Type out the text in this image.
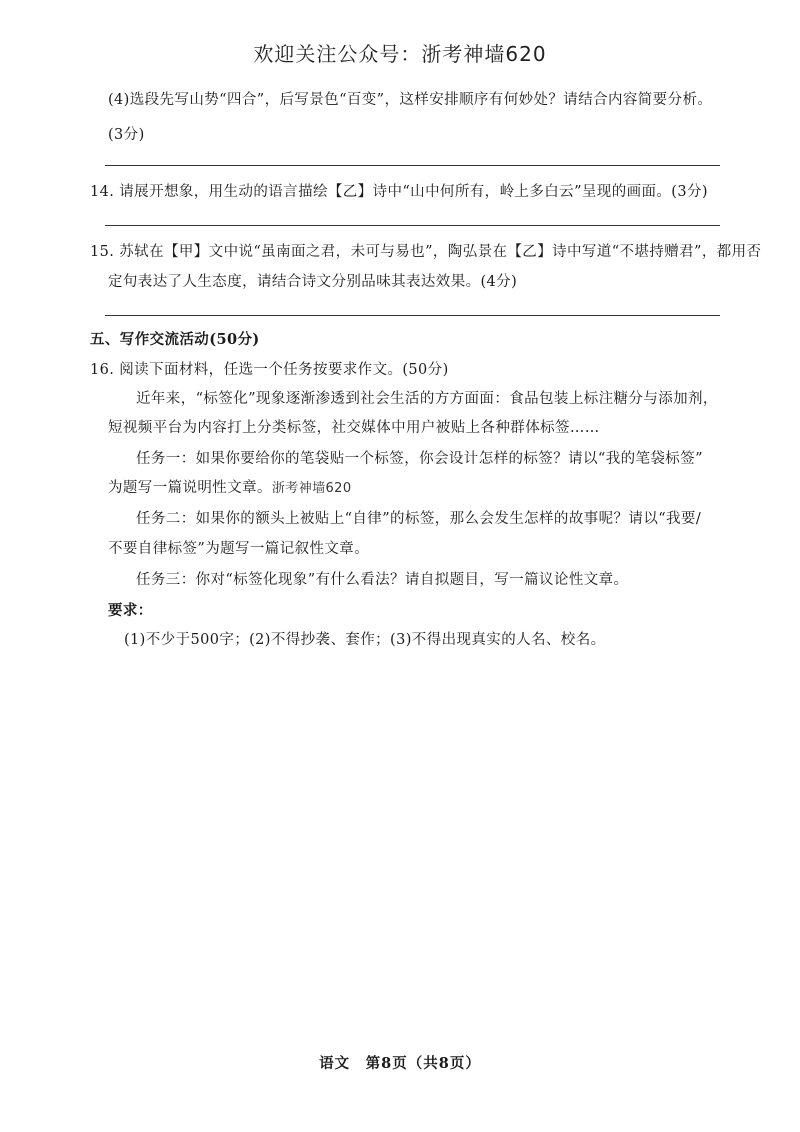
欢迎关注公众号：浙考神墙620
(4)选段先写山势“四合”，后写景色“百变”，这样安排顺序有何妙处？请结合内容简要分析。
(3分)
14. 请展开想象，用生动的语言描绘【乙】诗中“山中何所有，岭上多白云”呈现的画面。(3分)
15. 苏轼在【甲】文中说“虽南面之君，未可与易也”，陶弘景在【乙】诗中写道“不堪持赠君”，都用否
定句表达了人生态度，请结合诗文分别品味其表达效果。(4分)
五、写作交流活动(50分)
16. 阅读下面材料，任选一个任务按要求作文。(50分)
近年来，“标签化”现象逐渐渗透到社会生活的方方面面：食品包装上标注糖分与添加剂，
短视频平台为内容打上分类标签，社交媒体中用户被贴上各种群体标签……
任务一：如果你要给你的笔袋贴一个标签，你会设计怎样的标签？请以“我的笔袋标签”
为题写一篇说明性文章。浙考神墙620
任务二：如果你的额头上被贴上“自律”的标签，那么会发生怎样的故事呢？请以“我要/
不要自律标签”为题写一篇记叙性文章。
任务三：你对“标签化现象”有什么看法？请自拟题目，写一篇议论性文章。
要求：
(1)不少于500字；(2)不得抄袭、套作；(3)不得出现真实的人名、校名。
语文　第8页（共8页）
